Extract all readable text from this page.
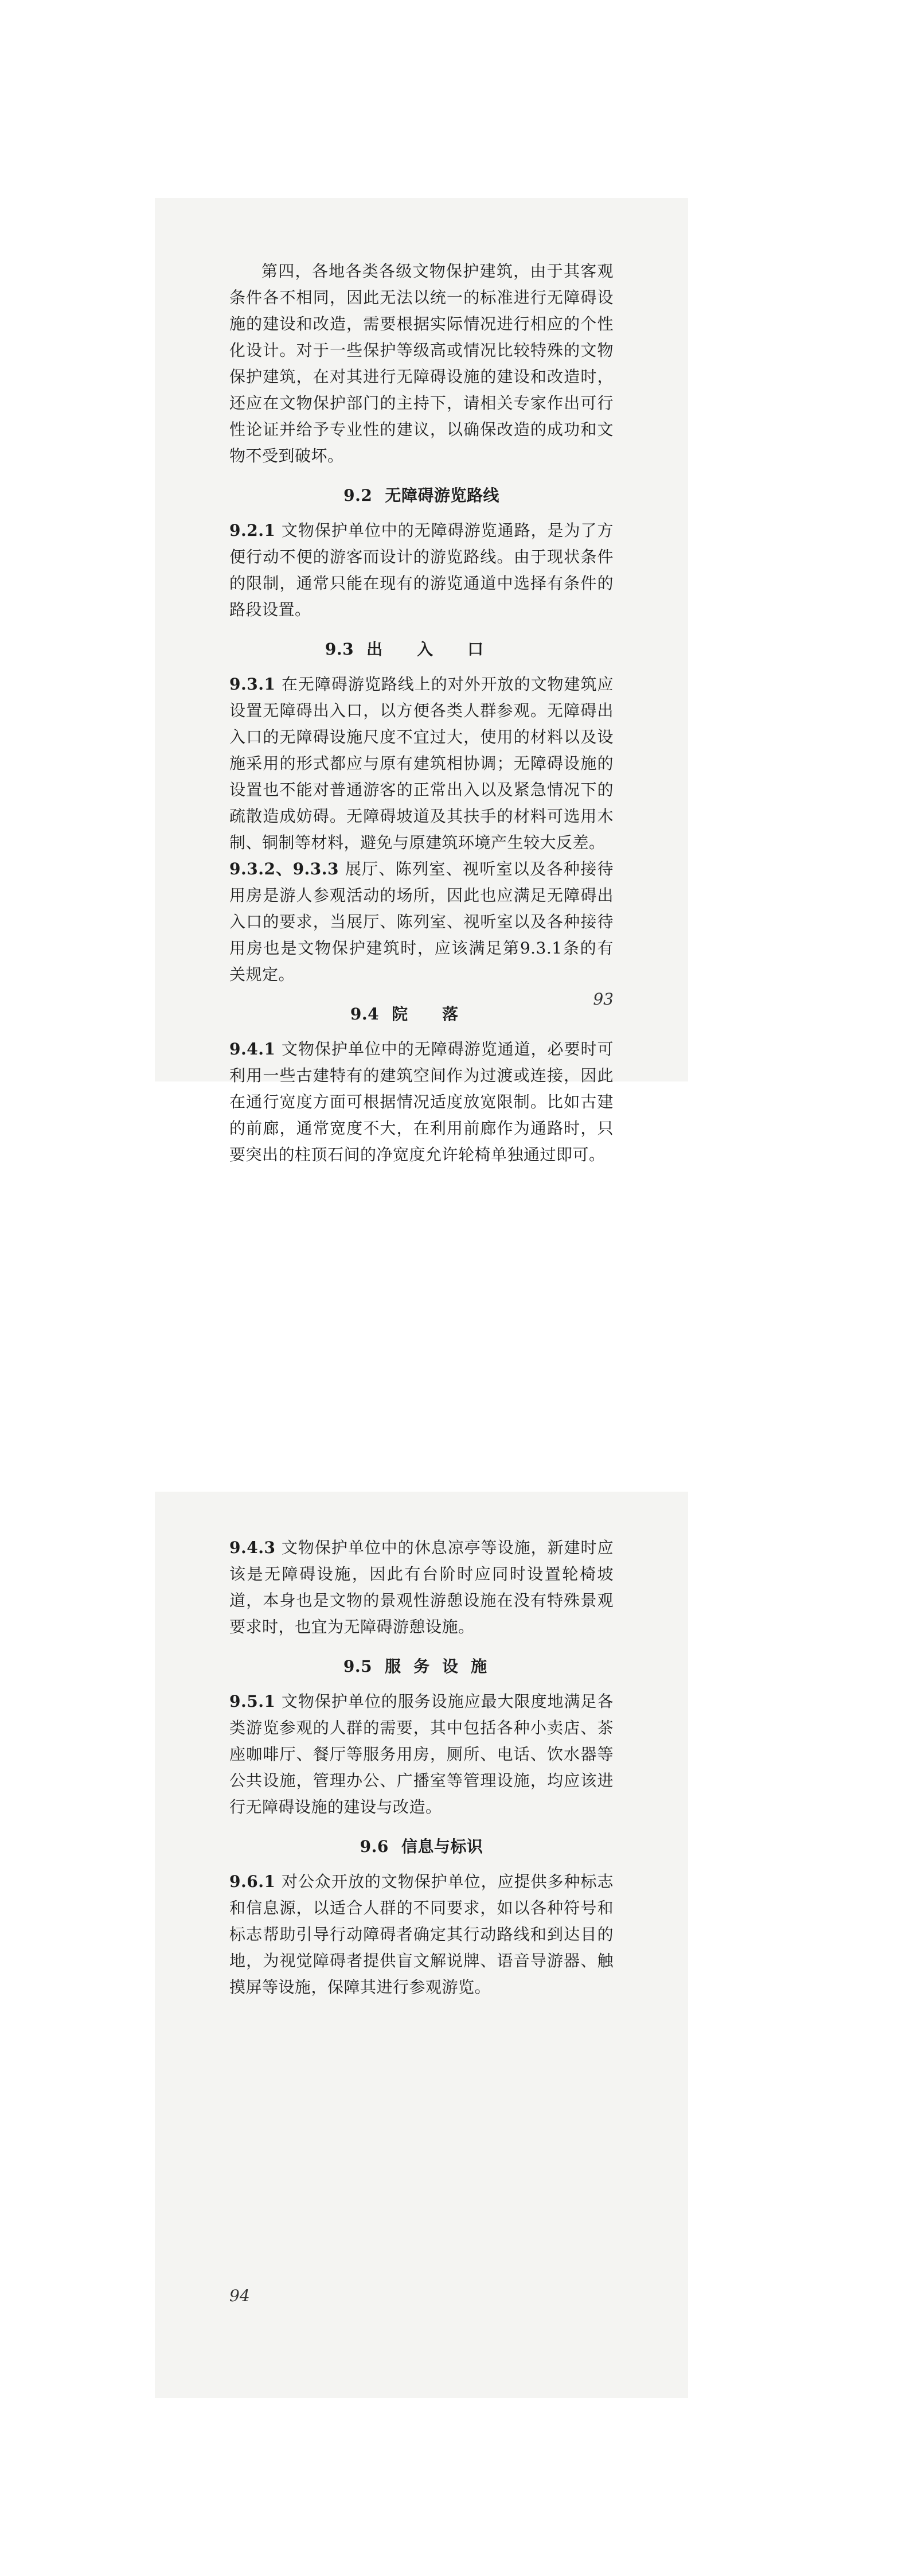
第四，各地各类各级文物保护建筑，由于其客观条件各不相同，因此无法以统一的标准进行无障碍设施的建设和改造，需要根据实际情况进行相应的个性化设计。对于一些保护等级高或情况比较特殊的文物保护建筑，在对其进行无障碍设施的建设和改造时，还应在文物保护部门的主持下，请相关专家作出可行性论证并给予专业性的建议，以确保改造的成功和文物不受到破坏。

9.2 无障碍游览路线

9.2.1 文物保护单位中的无障碍游览通路，是为了方便行动不便的游客而设计的游览路线。由于现状条件的限制，通常只能在现有的游览通道中选择有条件的路段设置。

9.3 出入口

9.3.1 在无障碍游览路线上的对外开放的文物建筑应设置无障碍出入口，以方便各类人群参观。无障碍出入口的无障碍设施尺度不宜过大，使用的材料以及设施采用的形式都应与原有建筑相协调；无障碍设施的设置也不能对普通游客的正常出入以及紧急情况下的疏散造成妨碍。无障碍坡道及其扶手的材料可选用木制、铜制等材料，避免与原建筑环境产生较大反差。

9.3.2、9.3.3 展厅、陈列室、视听室以及各种接待用房是游人参观活动的场所，因此也应满足无障碍出入口的要求，当展厅、陈列室、视听室以及各种接待用房也是文物保护建筑时，应该满足第9.3.1条的有关规定。

9.4 院落

9.4.1 文物保护单位中的无障碍游览通道，必要时可利用一些古建特有的建筑空间作为过渡或连接，因此在通行宽度方面可根据情况适度放宽限制。比如古建的前廊，通常宽度不大，在利用前廊作为通路时，只要突出的柱顶石间的净宽度允许轮椅单独通过即可。

93

9.4.3 文物保护单位中的休息凉亭等设施，新建时应该是无障碍设施，因此有台阶时应同时设置轮椅坡道，本身也是文物的景观性游憩设施在没有特殊景观要求时，也宜为无障碍游憩设施。

9.5 服务设施

9.5.1 文物保护单位的服务设施应最大限度地满足各类游览参观的人群的需要，其中包括各种小卖店、茶座咖啡厅、餐厅等服务用房，厕所、电话、饮水器等公共设施，管理办公、广播室等管理设施，均应该进行无障碍设施的建设与改造。

9.6 信息与标识

9.6.1 对公众开放的文物保护单位，应提供多种标志和信息源，以适合人群的不同要求，如以各种符号和标志帮助引导行动障碍者确定其行动路线和到达目的地，为视觉障碍者提供盲文解说牌、语音导游器、触摸屏等设施，保障其进行参观游览。

94
